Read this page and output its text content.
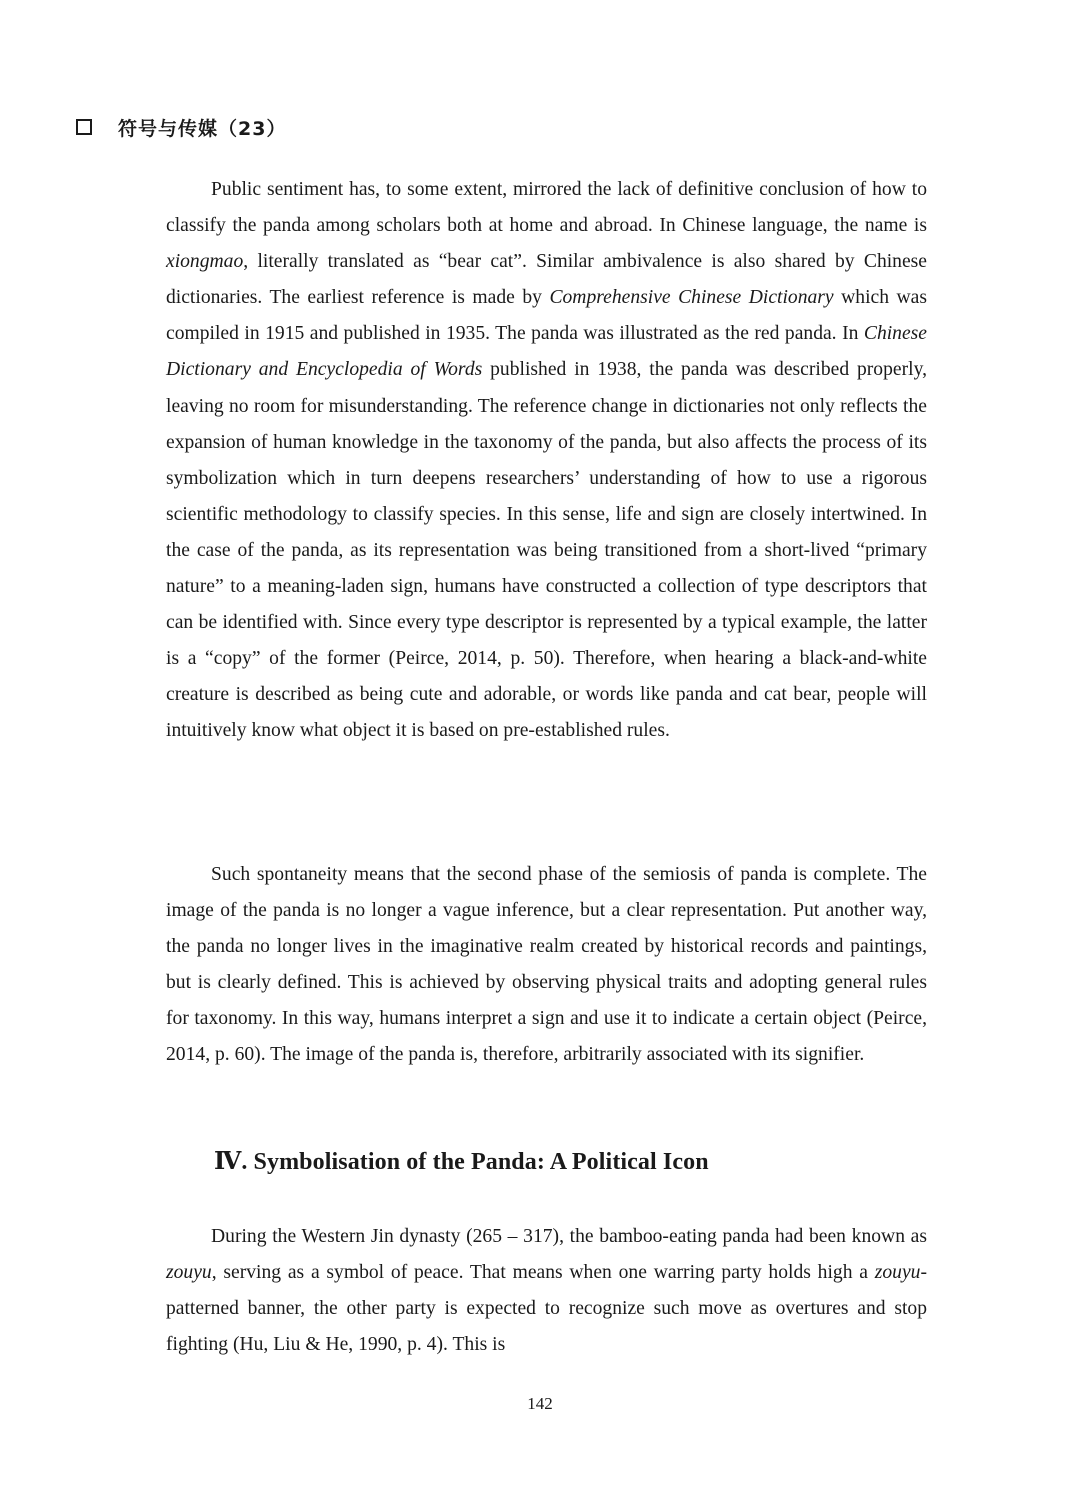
符号与传媒（23）

Public sentiment has, to some extent, mirrored the lack of definitive conclusion of how to classify the panda among scholars both at home and abroad. In Chinese language, the name is xiongmao, literally translated as “bear cat”. Similar ambivalence is also shared by Chinese dictionaries. The earliest reference is made by Comprehensive Chinese Dictionary which was compiled in 1915 and published in 1935. The panda was illustrated as the red panda. In Chinese Dictionary and Encyclopedia of Words published in 1938, the panda was described properly, leaving no room for misunderstanding. The reference change in dictionaries not only reflects the expansion of human knowledge in the taxonomy of the panda, but also affects the process of its symbolization which in turn deepens researchers’ understanding of how to use a rigorous scientific methodology to classify species. In this sense, life and sign are closely intertwined. In the case of the panda, as its representation was being transitioned from a short-lived “primary nature” to a meaning-laden sign, humans have constructed a collection of type descriptors that can be identified with. Since every type descriptor is represented by a typical example, the latter is a “copy” of the former (Peirce, 2014, p. 50). Therefore, when hearing a black-and-white creature is described as being cute and adorable, or words like panda and cat bear, people will intuitively know what object it is based on pre-established rules.

Such spontaneity means that the second phase of the semiosis of panda is complete. The image of the panda is no longer a vague inference, but a clear representation. Put another way, the panda no longer lives in the imaginative realm created by historical records and paintings, but is clearly defined. This is achieved by observing physical traits and adopting general rules for taxonomy. In this way, humans interpret a sign and use it to indicate a certain object (Peirce, 2014, p. 60). The image of the panda is, therefore, arbitrarily associated with its signifier.

Ⅳ. Symbolisation of the Panda: A Political Icon

During the Western Jin dynasty (265 – 317), the bamboo-eating panda had been known as zouyu, serving as a symbol of peace. That means when one warring party holds high a zouyu-patterned banner, the other party is expected to recognize such move as overtures and stop fighting (Hu, Liu & He, 1990, p. 4). This is

142
